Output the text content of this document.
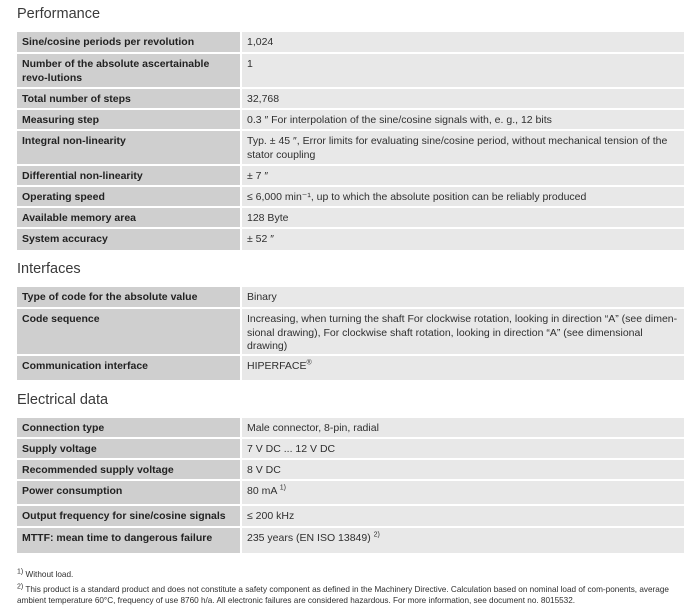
Performance
Sine/cosine periods per revolution	1,024
Number of the absolute ascertainable revo-lutions	1
Total number of steps	32,768
Measuring step	0.3 ″ For interpolation of the sine/cosine signals with, e. g., 12 bits
Integral non-linearity	Typ. ± 45 ″, Error limits for evaluating sine/cosine period, without mechanical tension of the stator coupling
Differential non-linearity	± 7 ″
Operating speed	≤ 6,000 min⁻¹, up to which the absolute position can be reliably produced
Available memory area	128 Byte
System accuracy	± 52 ″
Interfaces
Type of code for the absolute value	Binary
Code sequence	Increasing, when turning the shaft For clockwise rotation, looking in direction “A” (see dimen-sional drawing), For clockwise shaft rotation, looking in direction “A” (see dimensional drawing)
Communication interface	HIPERFACE®
Electrical data
Connection type	Male connector, 8-pin, radial
Supply voltage	7 V DC ... 12 V DC
Recommended supply voltage	8 V DC
Power consumption	80 mA $^{1)}$
Output frequency for sine/cosine signals	≤ 200 kHz
MTTF: mean time to dangerous failure	235 years (EN ISO 13849) $^{2)}$
$^{1)}$ Without load.
$^{2)}$ This product is a standard product and does not constitute a safety component as defined in the Machinery Directive. Calculation based on nominal load of com-ponents, average ambient temperature 60°C, frequency of use 8760 h/a. All electronic failures are considered hazardous. For more information, see document no. 8015532.
